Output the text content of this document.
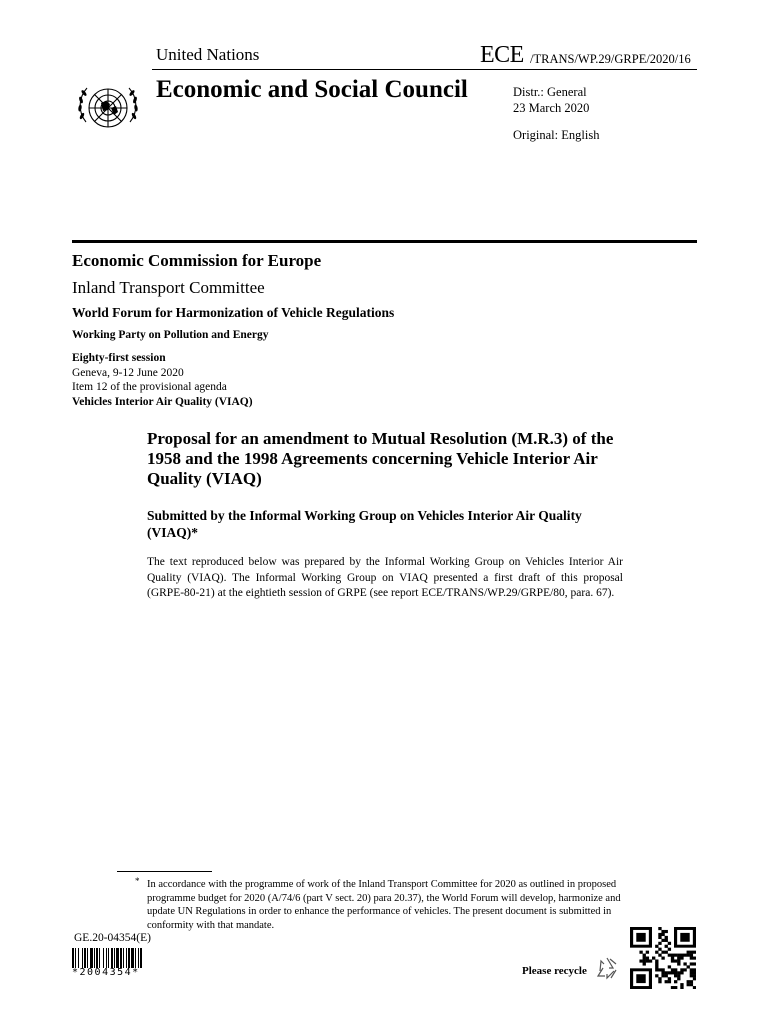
United Nations	ECE /TRANS/WP.29/GRPE/2020/16
Economic and Social Council	Distr.: General
23 March 2020
Original: English
Economic Commission for Europe
Inland Transport Committee
World Forum for Harmonization of Vehicle Regulations
Working Party on Pollution and Energy
Eighty-first session
Geneva, 9-12 June 2020
Item 12 of the provisional agenda
Vehicles Interior Air Quality (VIAQ)
Proposal for an amendment to Mutual Resolution (M.R.3) of the 1958 and the 1998 Agreements concerning Vehicle Interior Air Quality (VIAQ)
Submitted by the Informal Working Group on Vehicles Interior Air Quality (VIAQ)*
The text reproduced below was prepared by the Informal Working Group on Vehicles Interior Air Quality (VIAQ). The Informal Working Group on VIAQ presented a first draft of this proposal (GRPE-80-21) at the eightieth session of GRPE (see report ECE/TRANS/WP.29/GRPE/80, para. 67).
* In accordance with the programme of work of the Inland Transport Committee for 2020 as outlined in proposed programme budget for 2020 (A/74/6 (part V sect. 20) para 20.37), the World Forum will develop, harmonize and update UN Regulations in order to enhance the performance of vehicles. The present document is submitted in conformity with that mandate.
GE.20-04354(E)
*2004354*	Please recycle
